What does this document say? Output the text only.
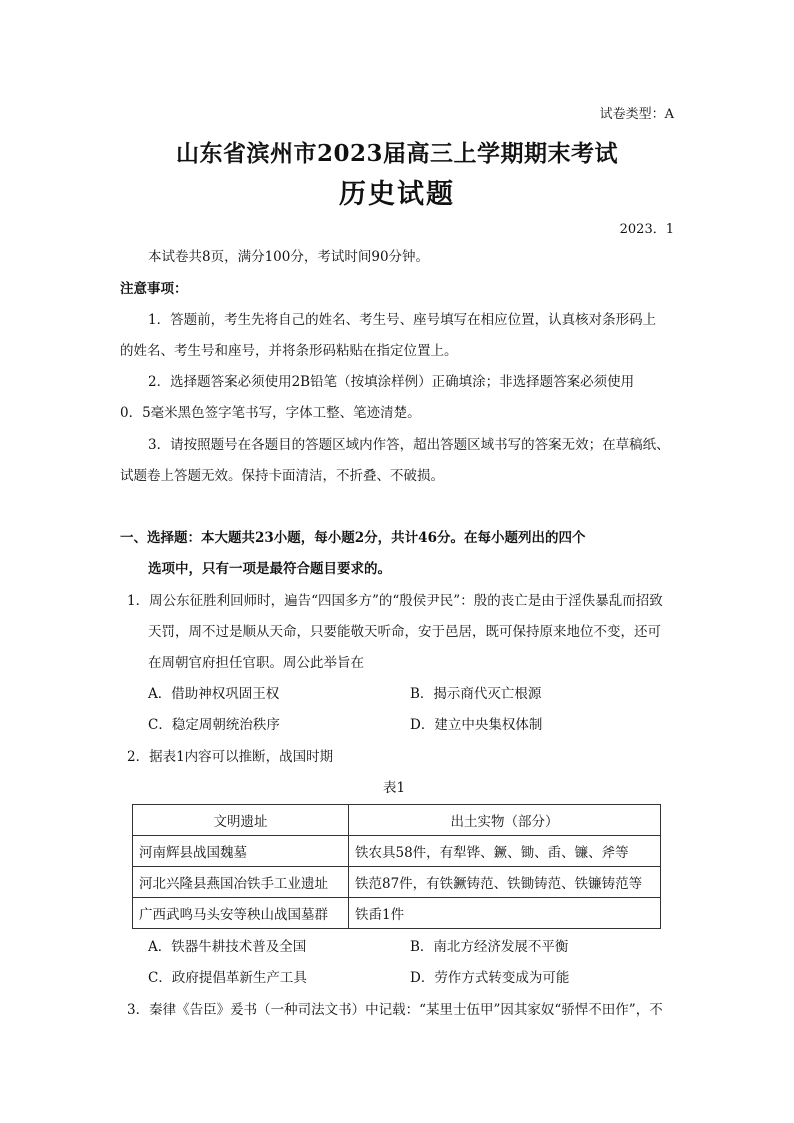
试卷类型：A
山东省滨州市2023届高三上学期期末考试
历史试题
2023．1
本试卷共8页，满分100分，考试时间90分钟。
注意事项：
1．答题前，考生先将自己的姓名、考生号、座号填写在相应位置，认真核对条形码上
的姓名、考生号和座号，并将条形码粘贴在指定位置上。
2．选择题答案必须使用2B铅笔（按填涂样例）正确填涂；非选择题答案必须使用
0．5毫米黑色签字笔书写，字体工整、笔迹清楚。
3．请按照题号在各题目的答题区域内作答，超出答题区域书写的答案无效；在草稿纸、
试题卷上答题无效。保持卡面清洁，不折叠、不破损。
一、选择题：本大题共23小题，每小题2分，共计46分。在每小题列出的四个
选项中，只有一项是最符合题目要求的。
1．周公东征胜利回师时，遍告“四国多方”的“殷侯尹民”：殷的丧亡是由于淫佚暴乱而招致
天罚，周不过是顺从天命，只要能敬天听命，安于邑居，既可保持原来地位不变，还可
在周朝官府担任官职。周公此举旨在
A．借助神权巩固王权	B．揭示商代灭亡根源
C．稳定周朝统治秩序	D．建立中央集权体制
2．据表1内容可以推断，战国时期
表1
文明遗址	出土实物（部分）
河南辉县战国魏墓	铁农具58件，有犁铧、鐝、锄、臿、镰、斧等
河北兴隆县燕国冶铁手工业遗址	铁范87件，有铁鐝铸范、铁锄铸范、铁镰铸范等
广西武鸣马头安等秧山战国墓群	铁臿1件
A．铁器牛耕技术普及全国	B．南北方经济发展不平衡
C．政府提倡革新生产工具	D．劳作方式转变成为可能
3．秦律《告臣》爰书（一种司法文书）中记载：“某里士伍甲”因其家奴“骄悍不田作”，不
